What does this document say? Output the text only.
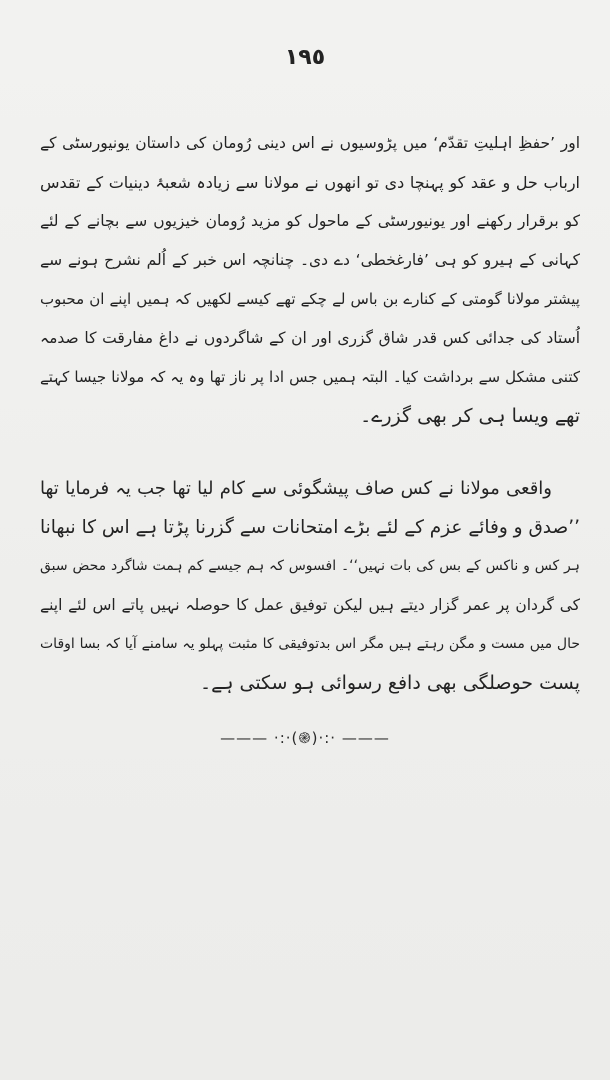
١٩٥
اور ’حفظِ اہلیتِ تقدّم‘ میں پڑوسیوں نے اس دینی رُومان کی داستان یونیورسٹی کے
ارباب حل و عقد کو پہنچا دی تو انھوں نے مولانا سے زیادہ شعبۂ دینیات کے تقدس
کو برقرار رکھنے اور یونیورسٹی کے ماحول کو مزید رُومان خیزیوں سے بچانے کے لئے
کہانی کے ہیرو کو ہی ’فارغخطی‘ دے دی۔ چنانچہ اس خبر کے اُلم نشرح ہونے سے
پیشتر مولانا گومتی کے کنارے بن باس لے چکے تھے کیسے لکھیں کہ ہمیں اپنے ان محبوب
اُستاد کی جدائی کس قدر شاق گزری اور ان کے شاگردوں نے داغ مفارقت کا صدمہ
کتنی مشکل سے برداشت کیا۔ البتہ ہمیں جس ادا پر ناز تھا وہ یہ کہ مولانا جیسا کہتے
تھے ویسا ہی کر بھی گزرے۔
واقعی مولانا نے کس صاف پیشگوئی سے کام لیا تھا جب یہ فرمایا تھا
’’صدق و وفائے عزم کے لئے بڑے امتحانات سے گزرنا پڑتا ہے اس کا نبھانا
ہر کس و ناکس کے بس کی بات نہیں‘‘۔ افسوس کہ ہم جیسے کم ہمت شاگرد محض سبق
کی گردان پر عمر گزار دیتے ہیں لیکن توفیق عمل کا حوصلہ نہیں پاتے اس لئے اپنے
حال میں مست و مگن رہتے ہیں مگر اس بدتوفیقی کا مثبت پہلو یہ سامنے آیا کہ بسا اوقات
پست حوصلگی بھی دافع رسوائی ہو سکتی ہے۔
——— ·:·(֎)·:· ———
